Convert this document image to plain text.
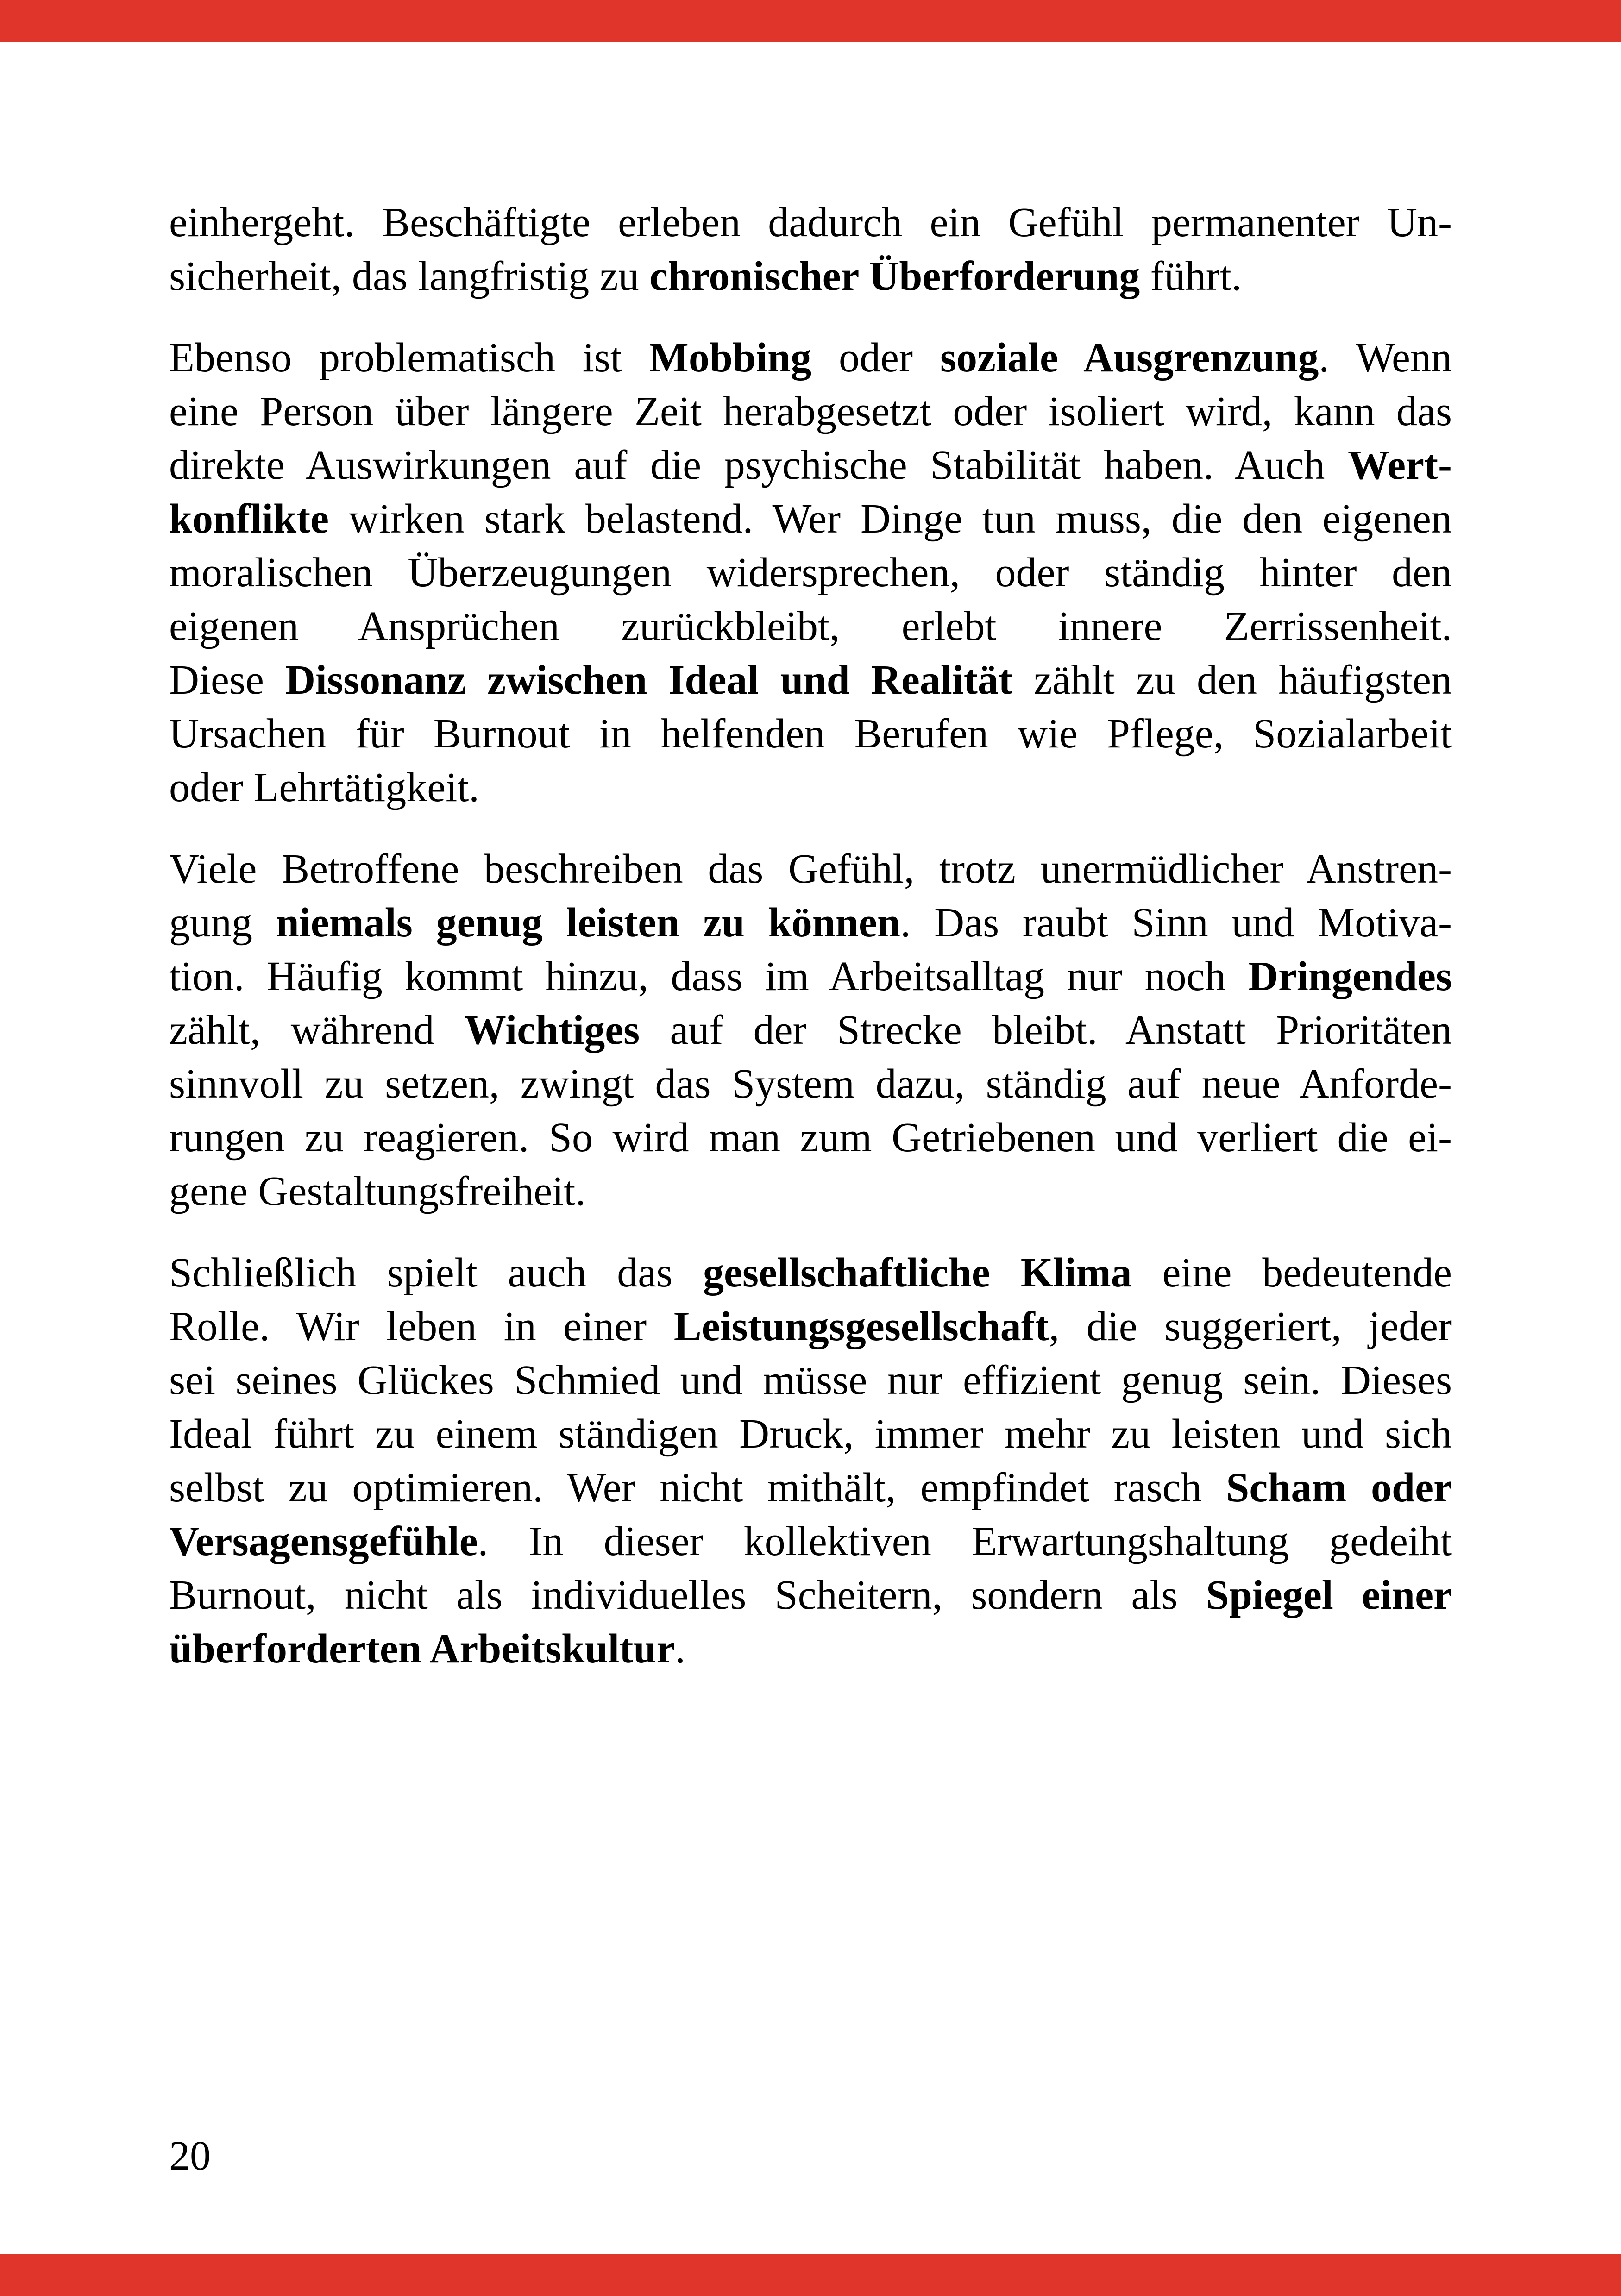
einhergeht. Beschäftigte erleben dadurch ein Gefühl permanenter Un-
sicherheit, das langfristig zu chronischer Überforderung führt.
Ebenso problematisch ist Mobbing oder soziale Ausgrenzung. Wenn
eine Person über längere Zeit herabgesetzt oder isoliert wird, kann das
direkte Auswirkungen auf die psychische Stabilität haben. Auch Wert-
konflikte wirken stark belastend. Wer Dinge tun muss, die den eigenen
moralischen Überzeugungen widersprechen, oder ständig hinter den
eigenen Ansprüchen zurückbleibt, erlebt innere Zerrissenheit.
Diese Dissonanz zwischen Ideal und Realität zählt zu den häufigsten
Ursachen für Burnout in helfenden Berufen wie Pflege, Sozialarbeit
oder Lehrtätigkeit.
Viele Betroffene beschreiben das Gefühl, trotz unermüdlicher Anstren-
gung niemals genug leisten zu können. Das raubt Sinn und Motiva-
tion. Häufig kommt hinzu, dass im Arbeitsalltag nur noch Dringendes
zählt, während Wichtiges auf der Strecke bleibt. Anstatt Prioritäten
sinnvoll zu setzen, zwingt das System dazu, ständig auf neue Anforde-
rungen zu reagieren. So wird man zum Getriebenen und verliert die ei-
gene Gestaltungsfreiheit.
Schließlich spielt auch das gesellschaftliche Klima eine bedeutende
Rolle. Wir leben in einer Leistungsgesellschaft, die suggeriert, jeder
sei seines Glückes Schmied und müsse nur effizient genug sein. Dieses
Ideal führt zu einem ständigen Druck, immer mehr zu leisten und sich
selbst zu optimieren. Wer nicht mithält, empfindet rasch Scham oder
Versagensgefühle. In dieser kollektiven Erwartungshaltung gedeiht
Burnout, nicht als individuelles Scheitern, sondern als Spiegel einer
überforderten Arbeitskultur.
20
